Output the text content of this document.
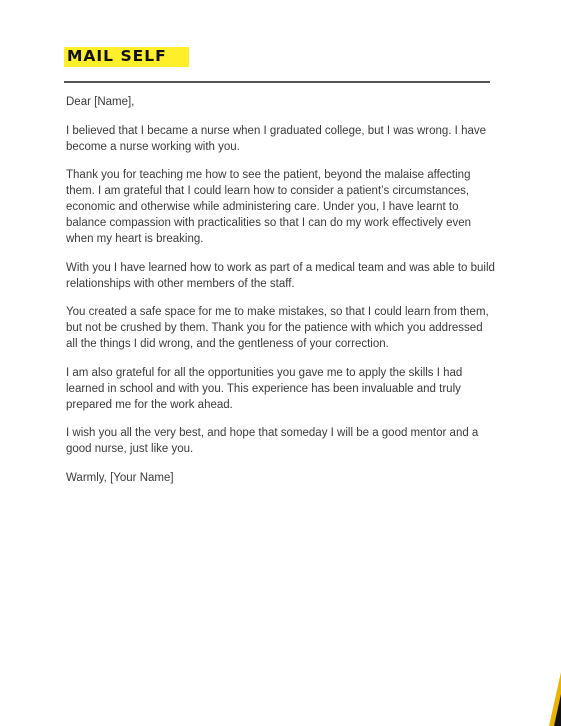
MAIL SELF

Dear [Name],

I believed that I became a nurse when I graduated college, but I was wrong. I have become a nurse working with you.

Thank you for teaching me how to see the patient, beyond the malaise affecting them. I am grateful that I could learn how to consider a patient’s circumstances, economic and otherwise while administering care. Under you, I have learnt to balance compassion with practicalities so that I can do my work effectively even when my heart is breaking.

With you I have learned how to work as part of a medical team and was able to build relationships with other members of the staff.

You created a safe space for me to make mistakes, so that I could learn from them, but not be crushed by them. Thank you for the patience with which you addressed all the things I did wrong, and the gentleness of your correction.

I am also grateful for all the opportunities you gave me to apply the skills I had learned in school and with you. This experience has been invaluable and truly prepared me for the work ahead.

I wish you all the very best, and hope that someday I will be a good mentor and a good nurse, just like you.

Warmly, [Your Name]
